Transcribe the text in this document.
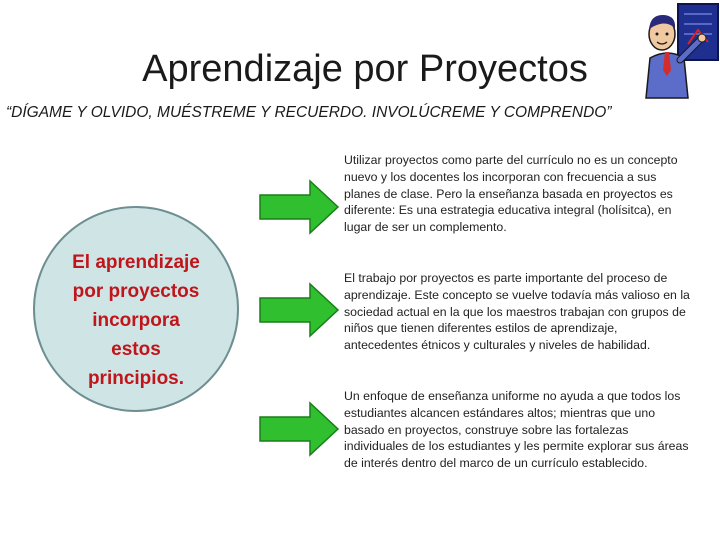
Aprendizaje por Proyectos
“DÍGAME Y OLVIDO, MUÉSTREME Y RECUERDO. INVOLÚCREME Y COMPRENDO”
El aprendizaje
por proyectos
incorpora
estos
principios.
Utilizar proyectos como parte del currículo no es un concepto nuevo y los docentes los incorporan con frecuencia a sus planes de clase. Pero la enseñanza basada en proyectos es diferente: Es una estrategia educativa integral (holísitca), en lugar de ser un complemento.
El trabajo por proyectos es parte importante del proceso de aprendizaje. Este concepto se vuelve todavía más valioso en la sociedad actual en la que los maestros trabajan con grupos de niños que tienen diferentes estilos de aprendizaje, antecedentes étnicos y culturales y niveles de habilidad.
Un enfoque de enseñanza uniforme no ayuda a que todos los estudiantes alcancen estándares altos; mientras que uno basado en proyectos, construye sobre las fortalezas individuales de los estudiantes y les permite explorar sus áreas de interés dentro del marco de un currículo establecido.
